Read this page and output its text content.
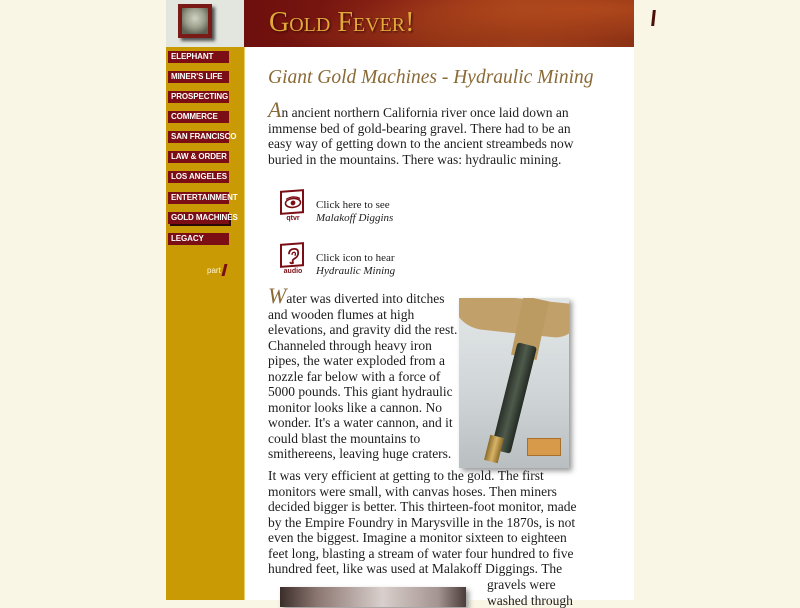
Gold Fever!
ELEPHANT
MINER'S LIFE
PROSPECTING
COMMERCE
SAN FRANCISCO
LAW & ORDER
LOS ANGELES
ENTERTAINMENT
GOLD MACHINES
LEGACY
part
Giant Gold Machines - Hydraulic Mining
An ancient northern California river once laid down an immense bed of gold-bearing gravel. There had to be an easy way of getting down to the ancient streambeds now buried in the mountains. There was: hydraulic mining.
qtvr
Click here to see
Malakoff Diggins
audio
Click icon to hear
Hydraulic Mining
Water was diverted into ditches and wooden flumes at high elevations, and gravity did the rest. Channeled through heavy iron pipes, the water exploded from a nozzle far below with a force of 5000 pounds. This giant hydraulic monitor looks like a cannon. No wonder. It's a water cannon, and it could blast the mountains to smithereens, leaving huge craters.
It was very efficient at getting to the gold. The first monitors were small, with canvas hoses. Then miners decided bigger is better. This thirteen-foot monitor, made by the Empire Foundry in Marysville in the 1870s, is not even the biggest. Imagine a monitor sixteen to eighteen feet long, blasting a stream of water four hundred to five hundred feet, like was used at Malakoff Diggings. The
gravels were washed through
